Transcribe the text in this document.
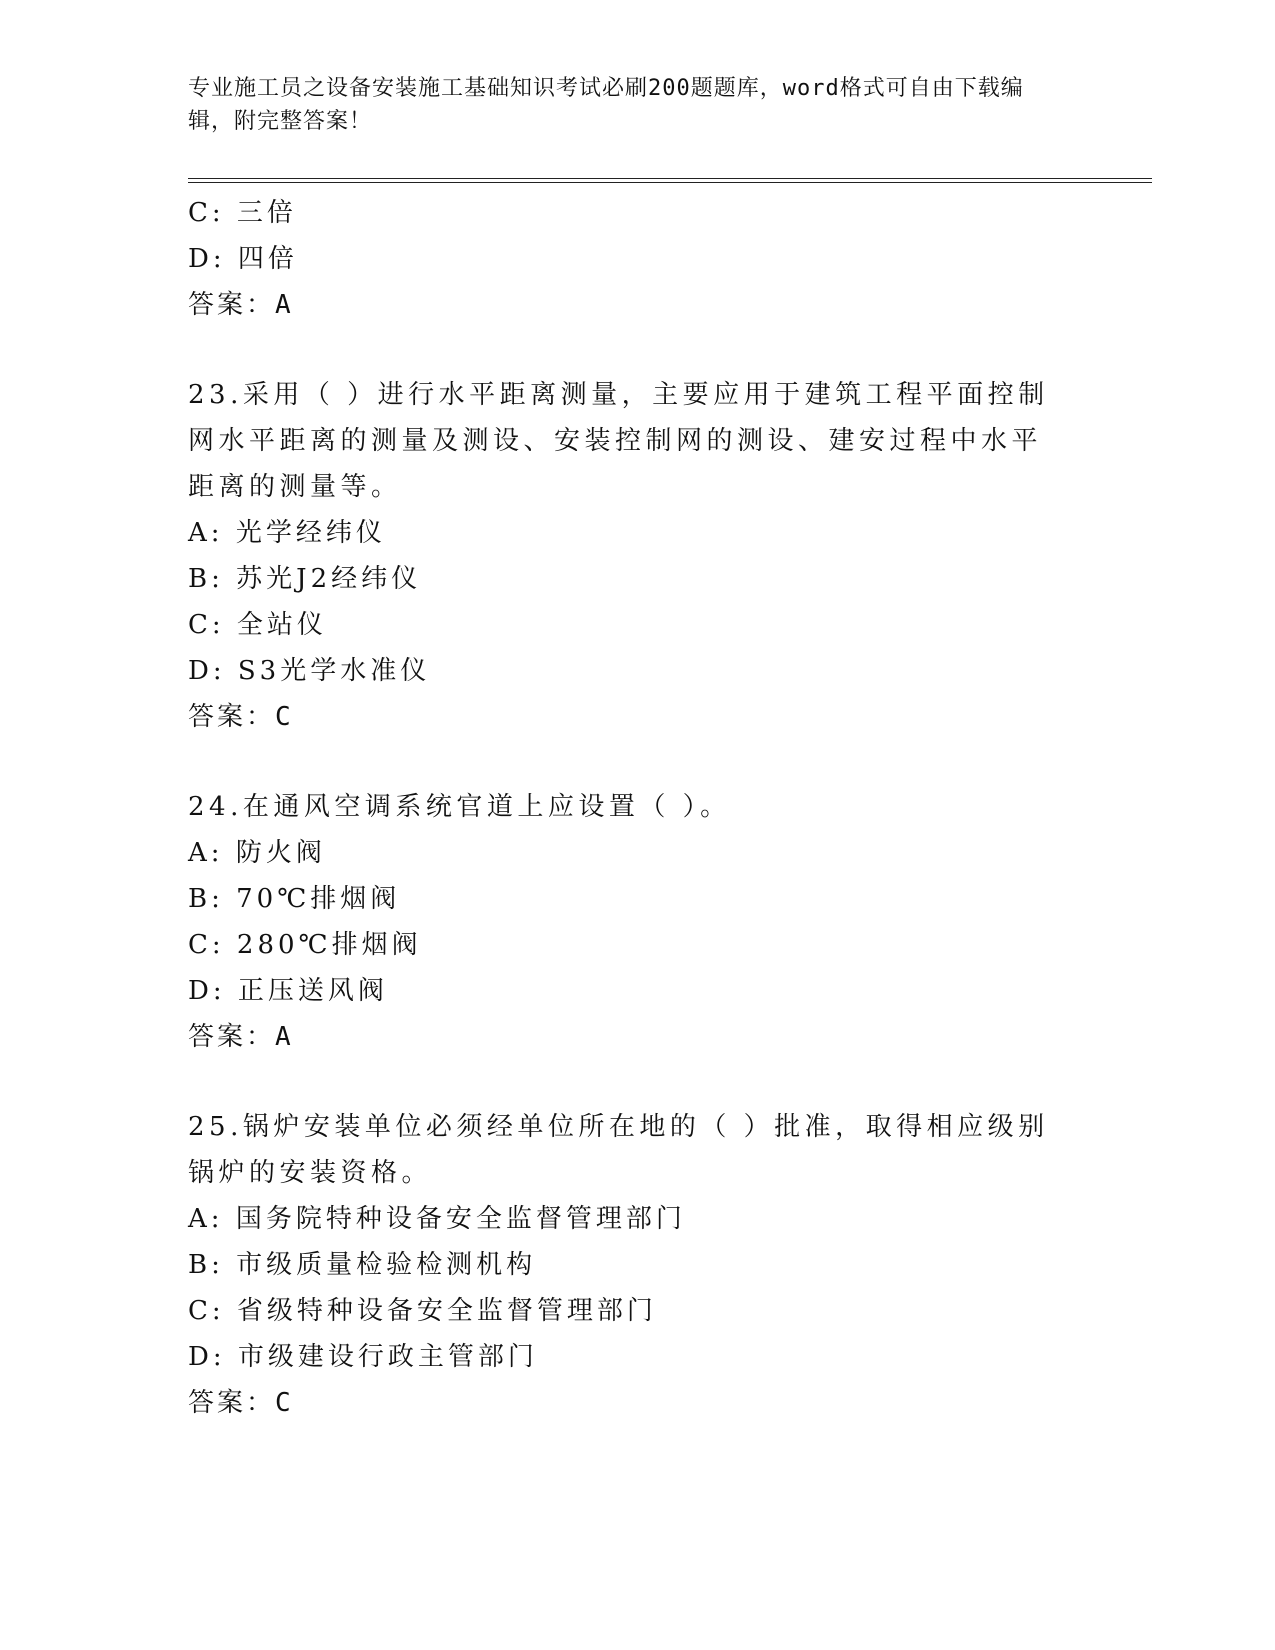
专业施工员之设备安装施工基础知识考试必刷200题题库，word格式可自由下载编辑，附完整答案！
C: 三倍
D: 四倍
答案：A
23.采用（ ）进行水平距离测量，主要应用于建筑工程平面控制网水平距离的测量及测设、安装控制网的测设、建安过程中水平距离的测量等。
A: 光学经纬仪
B: 苏光J2经纬仪
C: 全站仪
D: S3光学水准仪
答案：C
24.在通风空调系统官道上应设置（ ）。
A: 防火阀
B: 70℃排烟阀
C: 280℃排烟阀
D: 正压送风阀
答案：A
25.锅炉安装单位必须经单位所在地的（ ）批准，取得相应级别锅炉的安装资格。
A: 国务院特种设备安全监督管理部门
B: 市级质量检验检测机构
C: 省级特种设备安全监督管理部门
D: 市级建设行政主管部门
答案：C
